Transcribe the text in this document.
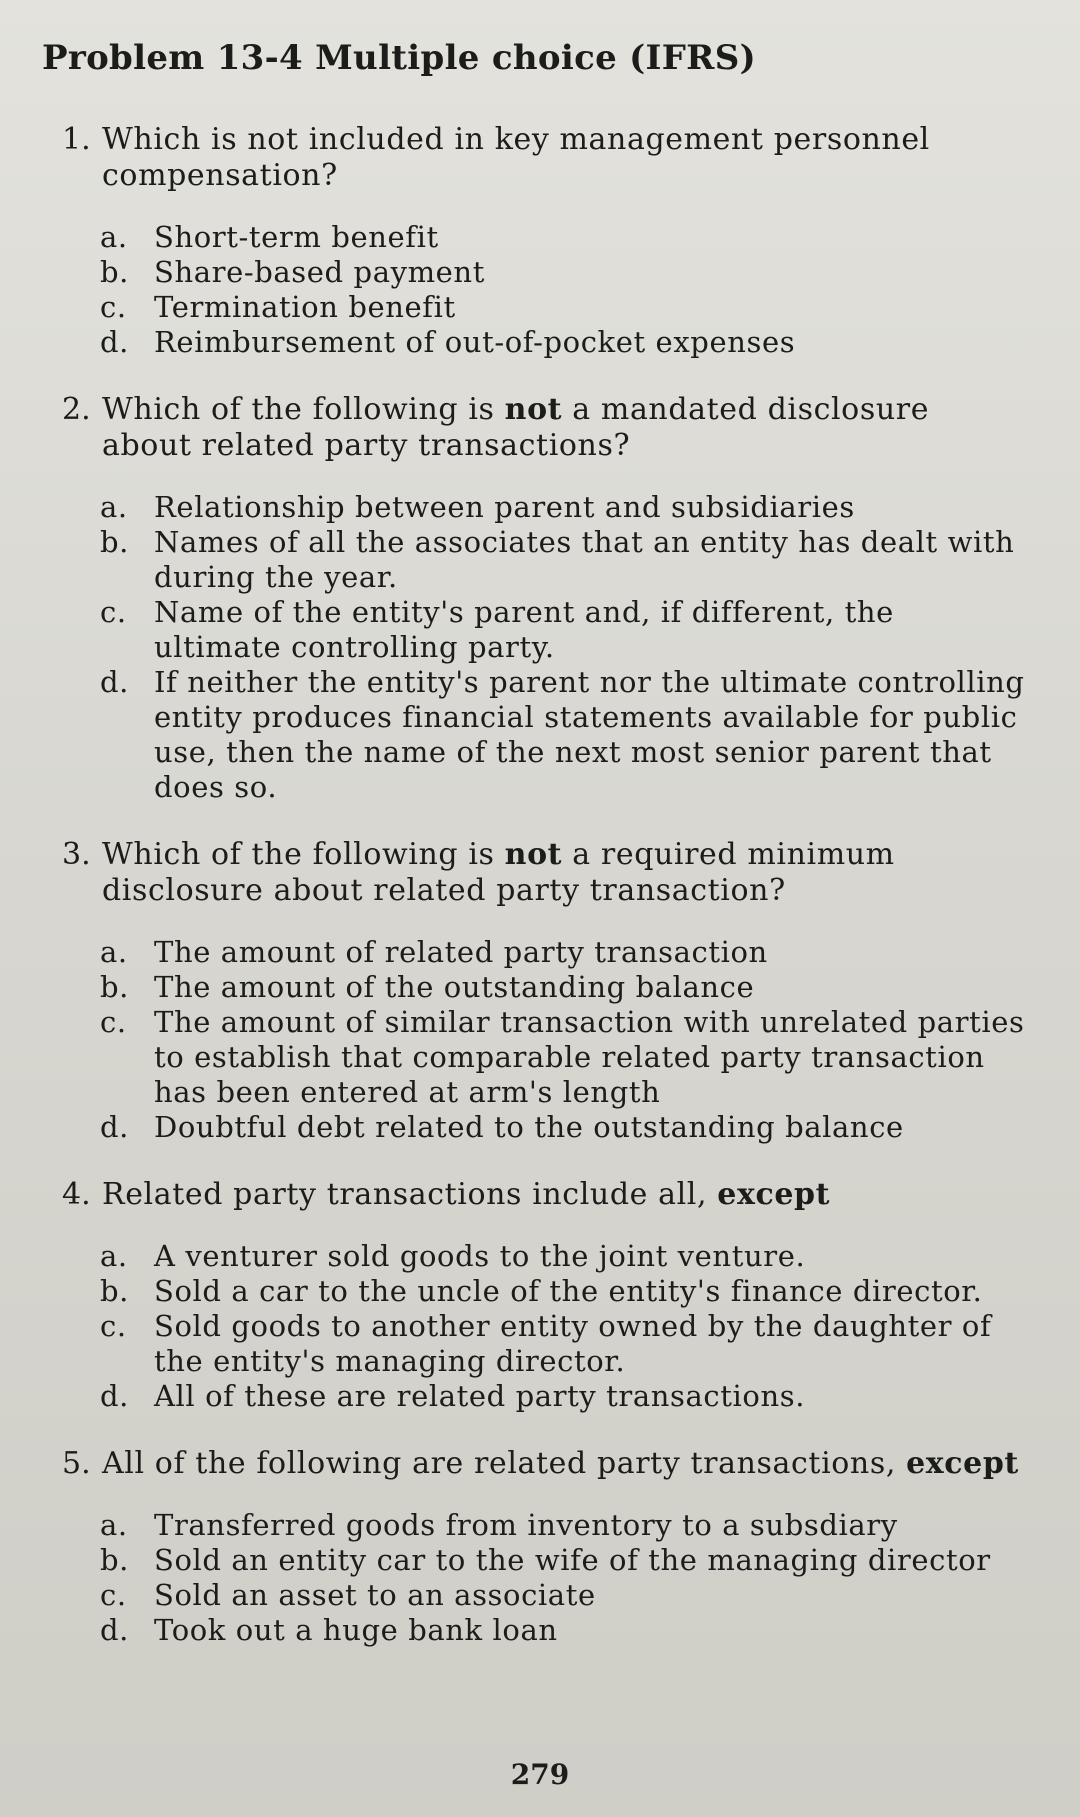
Problem 13-4 Multiple choice (IFRS)
1. Which is not included in key management personnel compensation?
a. Short-term benefit
b. Share-based payment
c. Termination benefit
d. Reimbursement of out-of-pocket expenses
2. Which of the following is not a mandated disclosure about related party transactions?
a. Relationship between parent and subsidiaries
b. Names of all the associates that an entity has dealt with during the year.
c. Name of the entity's parent and, if different, the ultimate controlling party.
d. If neither the entity's parent nor the ultimate controlling entity produces financial statements available for public use, then the name of the next most senior parent that does so.
3. Which of the following is not a required minimum disclosure about related party transaction?
a. The amount of related party transaction
b. The amount of the outstanding balance
c. The amount of similar transaction with unrelated parties to establish that comparable related party transaction has been entered at arm's length
d. Doubtful debt related to the outstanding balance
4. Related party transactions include all, except
a. A venturer sold goods to the joint venture.
b. Sold a car to the uncle of the entity's finance director.
c. Sold goods to another entity owned by the daughter of the entity's managing director.
d. All of these are related party transactions.
5. All of the following are related party transactions, except
a. Transferred goods from inventory to a subsdiary
b. Sold an entity car to the wife of the managing director
c. Sold an asset to an associate
d. Took out a huge bank loan
279
